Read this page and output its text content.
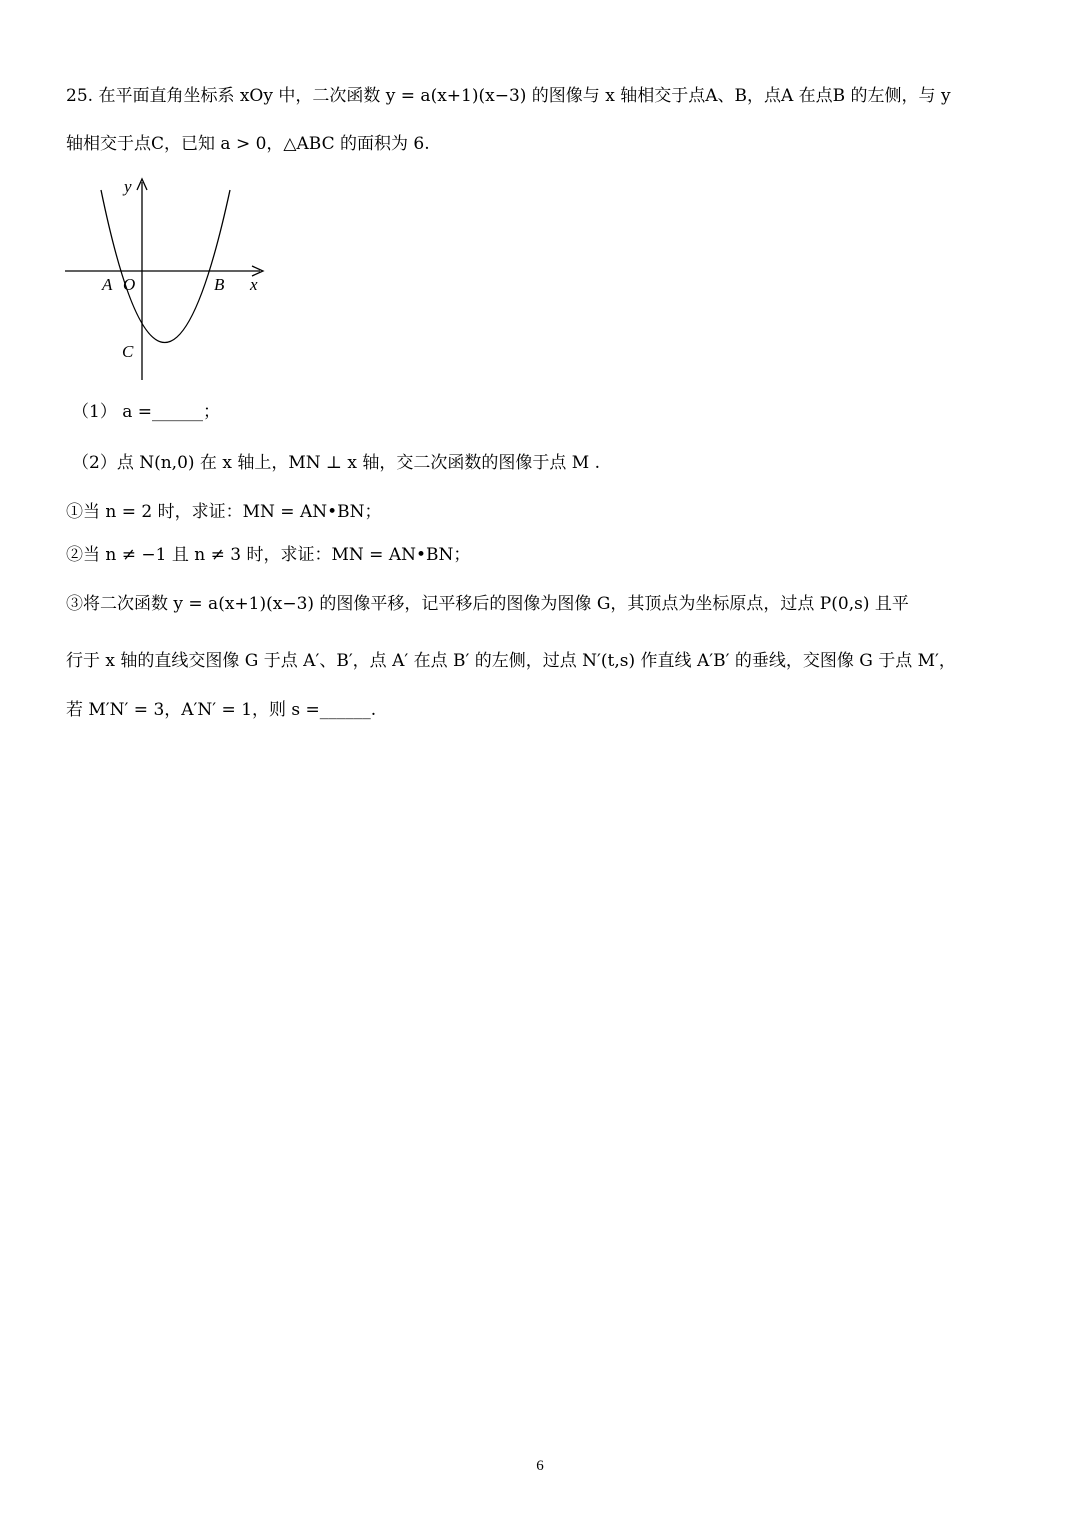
25. 在平面直角坐标系 xOy 中，二次函数 y = a(x+1)(x−3) 的图像与 x 轴相交于点A、B，点A 在点B 的左侧，与 y
轴相交于点C，已知 a > 0，△ABC 的面积为 6.
y
x
A O	B
C
（1） a =______；
（2）点 N(n,0) 在 x 轴上，MN ⊥ x 轴，交二次函数的图像于点 M .
①当 n = 2 时，求证：MN = AN•BN；
②当 n ≠ −1 且 n ≠ 3 时，求证：MN = AN•BN；
③将二次函数 y = a(x+1)(x−3) 的图像平移，记平移后的图像为图像 G，其顶点为坐标原点，过点 P(0,s) 且平
行于 x 轴的直线交图像 G 于点 A′、B′，点 A′ 在点 B′ 的左侧，过点 N′(t,s) 作直线 A′B′ 的垂线，交图像 G 于点 M′，
若 M′N′ = 3，A′N′ = 1，则 s =______.
6
